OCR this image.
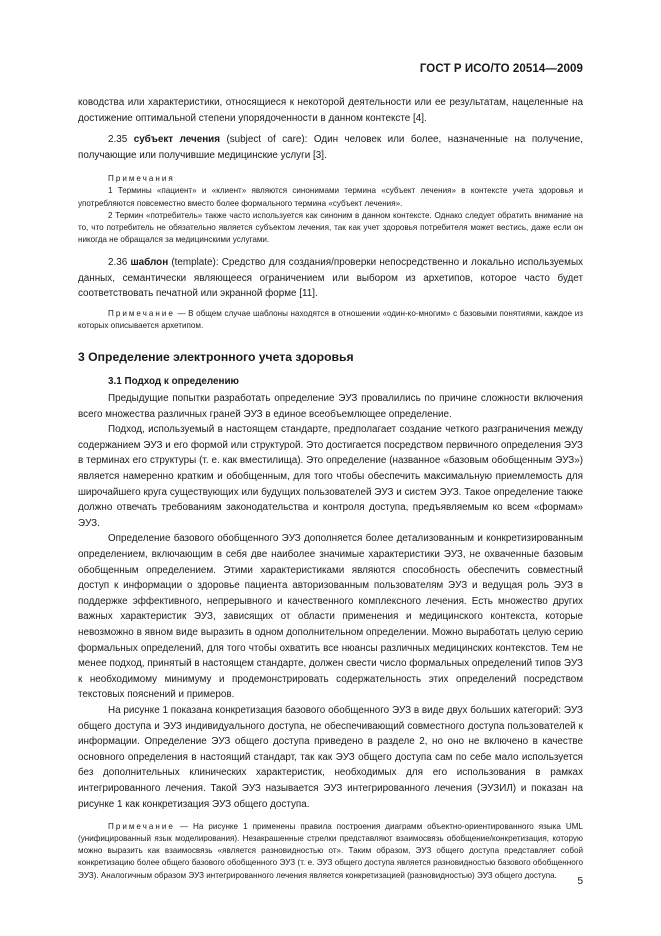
ГОСТ Р ИСО/ТО 20514—2009

ководства или характеристики, относящиеся к некоторой деятельности или ее результатам, нацеленные на достижение оптимальной степени упорядоченности в данном контексте [4].

2.35 субъект лечения (subject of care): Один человек или более, назначенные на получение, получающие или получившие медицинские услуги [3].

Примечания

1 Термины «пациент» и «клиент» являются синонимами термина «субъект лечения» в контексте учета здоровья и употребляются повсеместно вместо более формального термина «субъект лечения».

2 Термин «потребитель» также часто используется как синоним в данном контексте. Однако следует обратить внимание на то, что потребитель не обязательно является субъектом лечения, так как учет здоровья потребителя может вестись, даже если он никогда не обращался за медицинскими услугами.

2.36 шаблон (template): Средство для создания/проверки непосредственно и локально используемых данных, семантически являющееся ограничением или выбором из архетипов, которое часто будет соответствовать печатной или экранной форме [11].

Примечание — В общем случае шаблоны находятся в отношении «один-ко-многим» с базовыми понятиями, каждое из которых описывается архетипом.

3 Определение электронного учета здоровья

3.1 Подход к определению

Предыдущие попытки разработать определение ЭУЗ провалились по причине сложности включения всего множества различных граней ЭУЗ в единое всеобъемлющее определение.

Подход, используемый в настоящем стандарте, предполагает создание четкого разграничения между содержанием ЭУЗ и его формой или структурой. Это достигается посредством первичного определения ЭУЗ в терминах его структуры (т. е. как вместилища). Это определение (названное «базовым обобщенным ЭУЗ») является намеренно кратким и обобщенным, для того чтобы обеспечить максимальную приемлемость для широчайшего круга существующих или будущих пользователей ЭУЗ и систем ЭУЗ. Такое определение также должно отвечать требованиям законодательства и контроля доступа, предъявляемым ко всем «формам» ЭУЗ.

Определение базового обобщенного ЭУЗ дополняется более детализованным и конкретизированным определением, включающим в себя две наиболее значимые характеристики ЭУЗ, не охваченные базовым обобщенным определением. Этими характеристиками являются способность обеспечить совместный доступ к информации о здоровье пациента авторизованным пользователям ЭУЗ и ведущая роль ЭУЗ в поддержке эффективного, непрерывного и качественного комплексного лечения. Есть множество других важных характеристик ЭУЗ, зависящих от области применения и медицинского контекста, которые невозможно в явном виде выразить в одном дополнительном определении. Можно выработать целую серию формальных определений, для того чтобы охватить все нюансы различных медицинских контекстов. Тем не менее подход, принятый в настоящем стандарте, должен свести число формальных определений типов ЭУЗ к необходимому минимуму и продемонстрировать содержательность этих определений посредством текстовых пояснений и примеров.

На рисунке 1 показана конкретизация базового обобщенного ЭУЗ в виде двух больших категорий: ЭУЗ общего доступа и ЭУЗ индивидуального доступа, не обеспечивающий совместного доступа пользователей к информации. Определение ЭУЗ общего доступа приведено в разделе 2, но оно не включено в качестве основного определения в настоящий стандарт, так как ЭУЗ общего доступа сам по себе мало используется без дополнительных клинических характеристик, необходимых для его использования в рамках интегрированного лечения. Такой ЭУЗ называется ЭУЗ интегрированного лечения (ЭУЗИЛ) и показан на рисунке 1 как конкретизация ЭУЗ общего доступа.

Примечание — На рисунке 1 применены правила построения диаграмм объектно-ориентированного языка UML (унифицированный язык моделирования). Незакрашенные стрелки представляют взаимосвязь обобщение/конкретизация, которую можно выразить как взаимосвязь «является разновидностью от». Таким образом, ЭУЗ общего доступа представляет собой конкретизацию более общего базового обобщенного ЭУЗ (т. е. ЭУЗ общего доступа является разновидностью базового обобщенного ЭУЗ). Аналогичным образом ЭУЗ интегрированного лечения является конкретизацией (разновидностью) ЭУЗ общего доступа.

5
